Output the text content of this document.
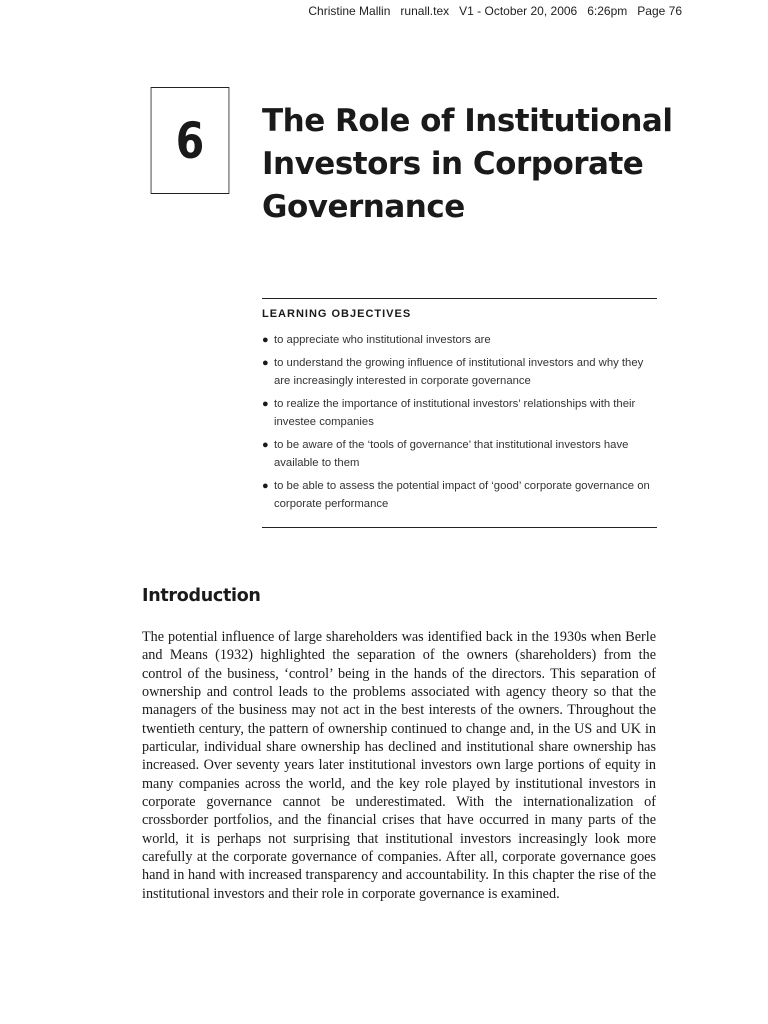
Christine Mallin runall.tex V1 - October 20, 2006 6:26pm Page 76
6 The Role of Institutional Investors in Corporate Governance

LEARNING OBJECTIVES

● to appreciate who institutional investors are
● to understand the growing influence of institutional investors and why they are increasingly interested in corporate governance
● to realize the importance of institutional investors’ relationships with their investee companies
● to be aware of the ‘tools of governance’ that institutional investors have available to them
● to be able to assess the potential impact of ‘good’ corporate governance on corporate performance
Introduction

The potential influence of large shareholders was identified back in the 1930s when Berle and Means (1932) highlighted the separation of the owners (shareholders) from the control of the business, ‘control’ being in the hands of the directors. This separation of ownership and control leads to the problems associated with agency theory so that the managers of the business may not act in the best interests of the owners. Throughout the twentieth century, the pattern of ownership continued to change and, in the US and UK in particular, individual share ownership has declined and institutional share ownership has increased. Over seventy years later institutional investors own large portions of equity in many companies across the world, and the key role played by institutional investors in corporate governance cannot be underestimated. With the internationalization of crossborder portfolios, and the financial crises that have occurred in many parts of the world, it is perhaps not surprising that institutional investors increasingly look more carefully at the corporate governance of companies. After all, corporate governance goes hand in hand with increased transparency and accountability. In this chapter the rise of the institutional investors and their role in corporate governance is examined.
